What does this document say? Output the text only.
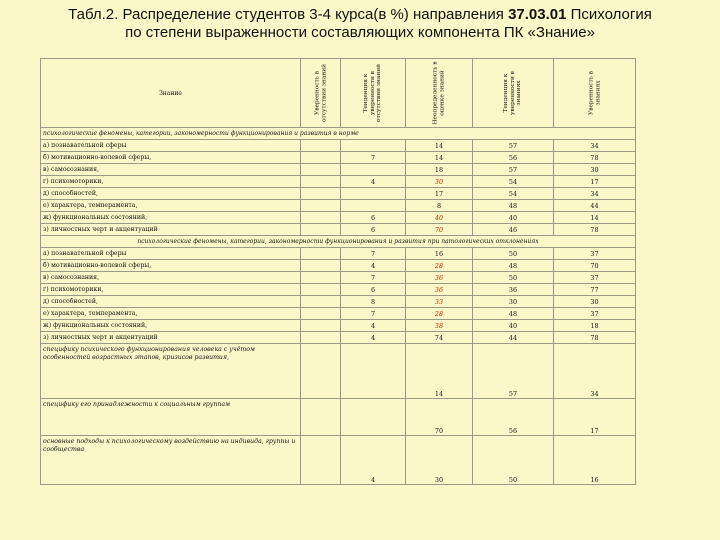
Табл.2. Распределение студентов 3-4 курса(в %) направления 37.03.01 Психология
по степени выраженности составляющих компонента ПК «Знание»
Знание	Уверенность в отсутствии знаний	Тенденция к уверенности в отсутствии знаний	Неопределенность в оценке знаний	Тенденция к уверенности в знаниях	Уверенность в знаниях

психологические феномены, категории, закономерности функционирования и развития в норме					
а) познавательной сферы			14	57	34
б) мотивационно-волевой сферы,		7	14	56	78
в) самосознания,			18	57	30
г) психомоторики,		4	30	54	17
д) способностей,			17	54	34
е) характера, темперамента,			8	48	44
ж) функциональных состояний,		6	40	40	14
з) личностных черт и акцентуаций		6	70	46	78
психологические феномены, категории, закономерности функционирования и развития при патологических отклонениях					
а) познавательной сферы		7	16	50	37
б) мотивационно-волевой сферы,		4	28	48	70
в) самосознания,		7	36	50	37
г) психомоторики,		6	36	36	77
д) способностей,		8	33	30	30
е) характера, темперамента,		7	28	48	37
ж) функциональных состояний,		4	38	40	18
з) личностных черт и акцентуаций		4	74	44	78
специфику психического функционирования человека с учётом особенностей возрастных этапов, кризисов развития,			14	57	34
специфику его принадлежности к социальным группам			70	56	17
основные подходы к психологическому воздействию на индивида, группы и сообщества		4	30	50	16
